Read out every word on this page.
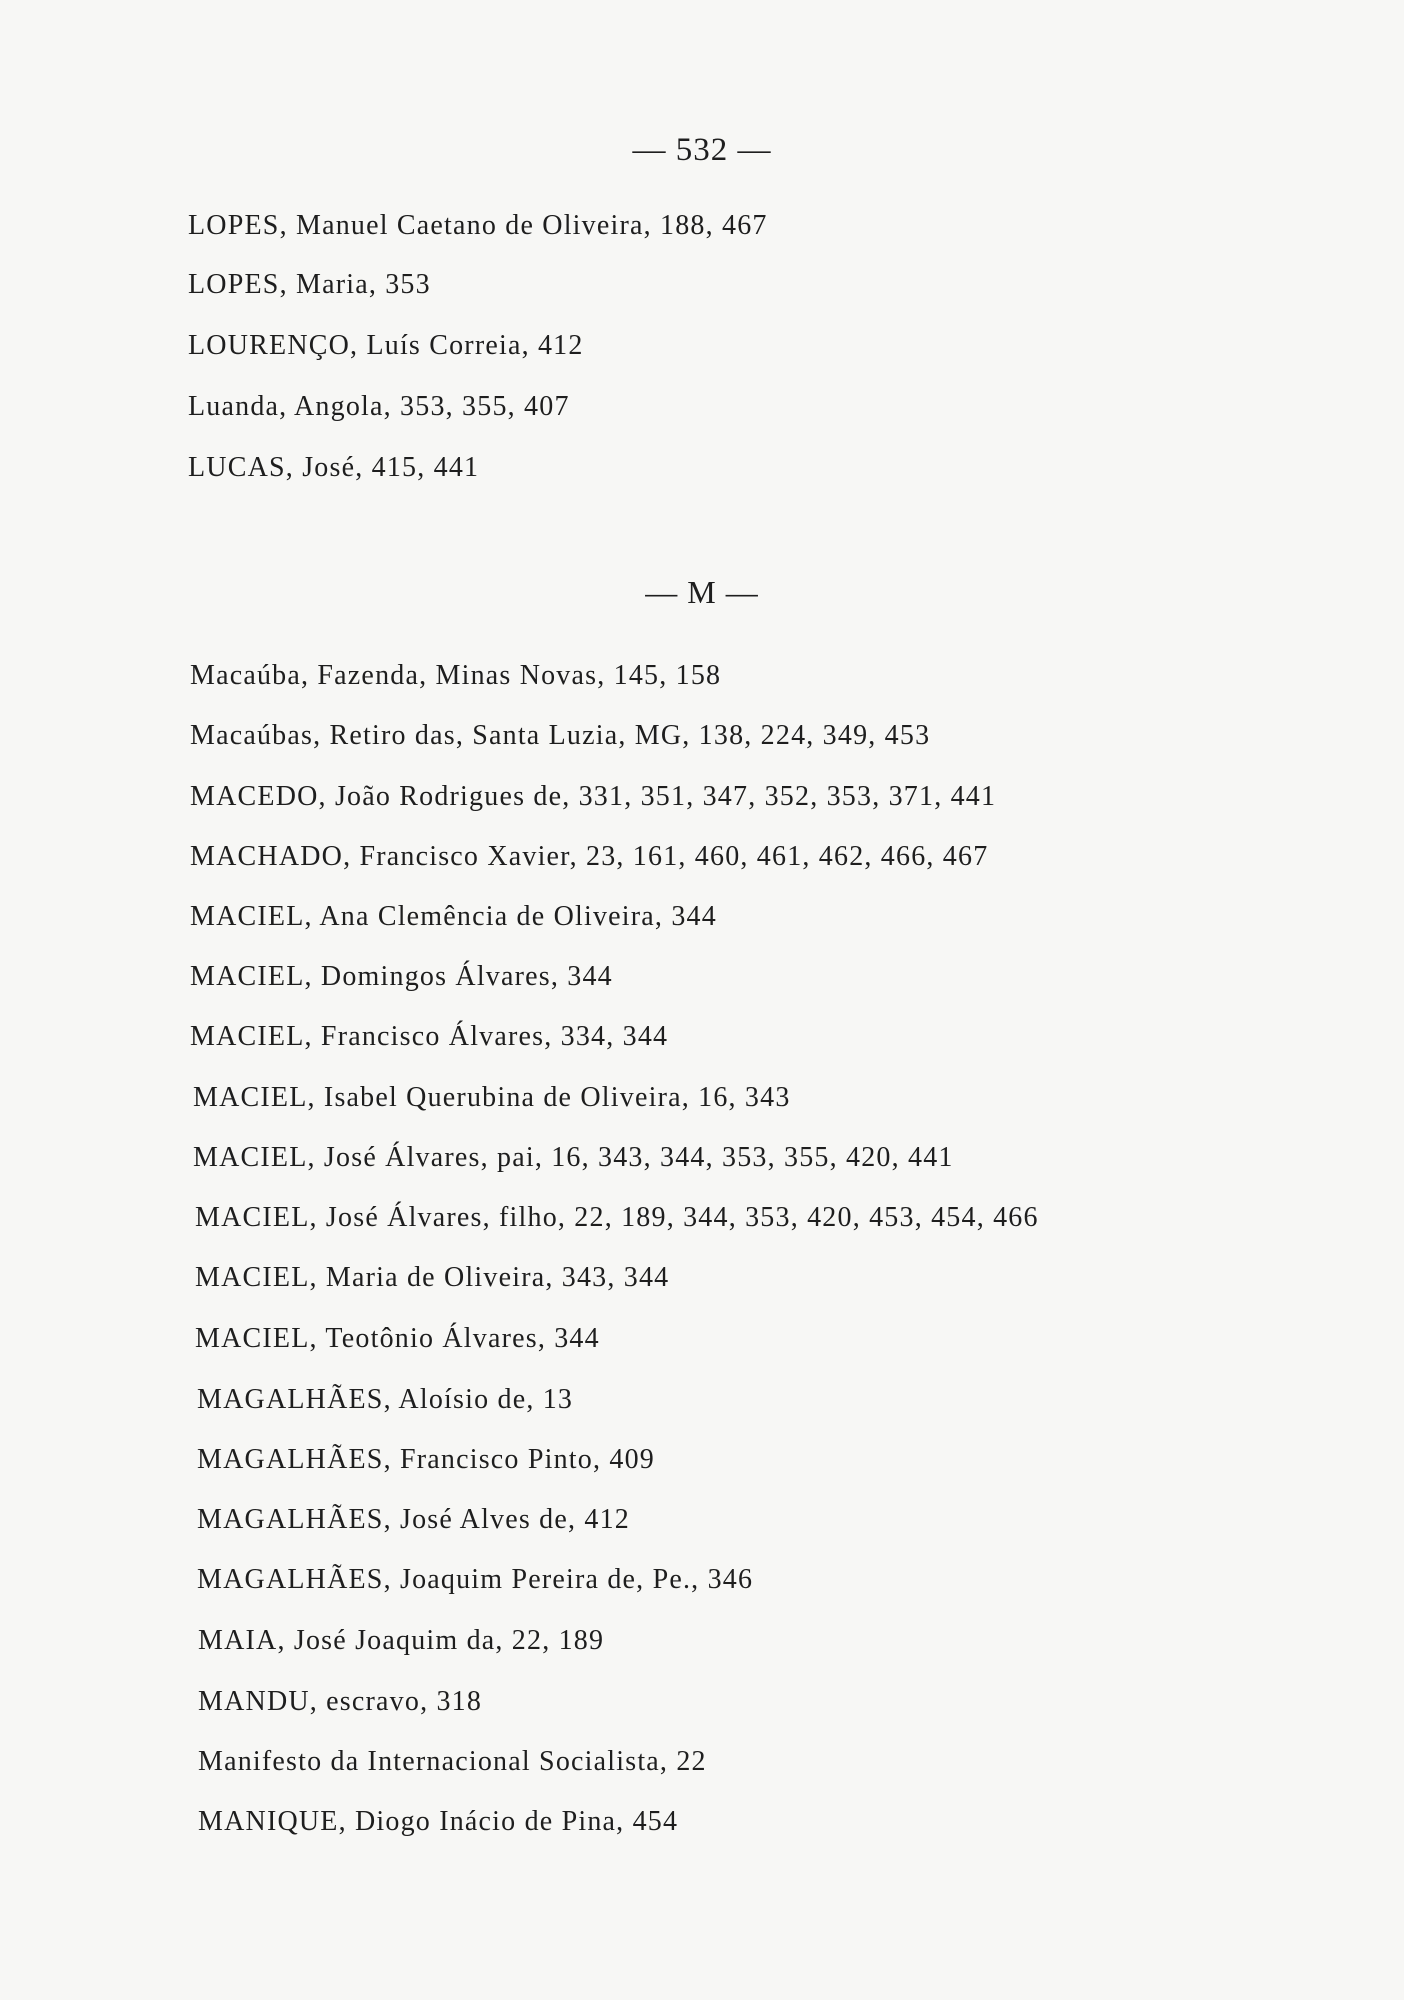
— 532 —
LOPES, Manuel Caetano de Oliveira, 188, 467
LOPES, Maria, 353
LOURENÇO, Luís Correia, 412
Luanda, Angola, 353, 355, 407
LUCAS, José, 415, 441
— M —
Macaúba, Fazenda, Minas Novas, 145, 158
Macaúbas, Retiro das, Santa Luzia, MG, 138, 224, 349, 453
MACEDO, João Rodrigues de, 331, 351, 347, 352, 353, 371, 441
MACHADO, Francisco Xavier, 23, 161, 460, 461, 462, 466, 467
MACIEL, Ana Clemência de Oliveira, 344
MACIEL, Domingos Álvares, 344
MACIEL, Francisco Álvares, 334, 344
MACIEL, Isabel Querubina de Oliveira, 16, 343
MACIEL, José Álvares, pai, 16, 343, 344, 353, 355, 420, 441
MACIEL, José Álvares, filho, 22, 189, 344, 353, 420, 453, 454, 466
MACIEL, Maria de Oliveira, 343, 344
MACIEL, Teotônio Álvares, 344
MAGALHÃES, Aloísio de, 13
MAGALHÃES, Francisco Pinto, 409
MAGALHÃES, José Alves de, 412
MAGALHÃES, Joaquim Pereira de, Pe., 346
MAIA, José Joaquim da, 22, 189
MANDU, escravo, 318
Manifesto da Internacional Socialista, 22
MANIQUE, Diogo Inácio de Pina, 454
